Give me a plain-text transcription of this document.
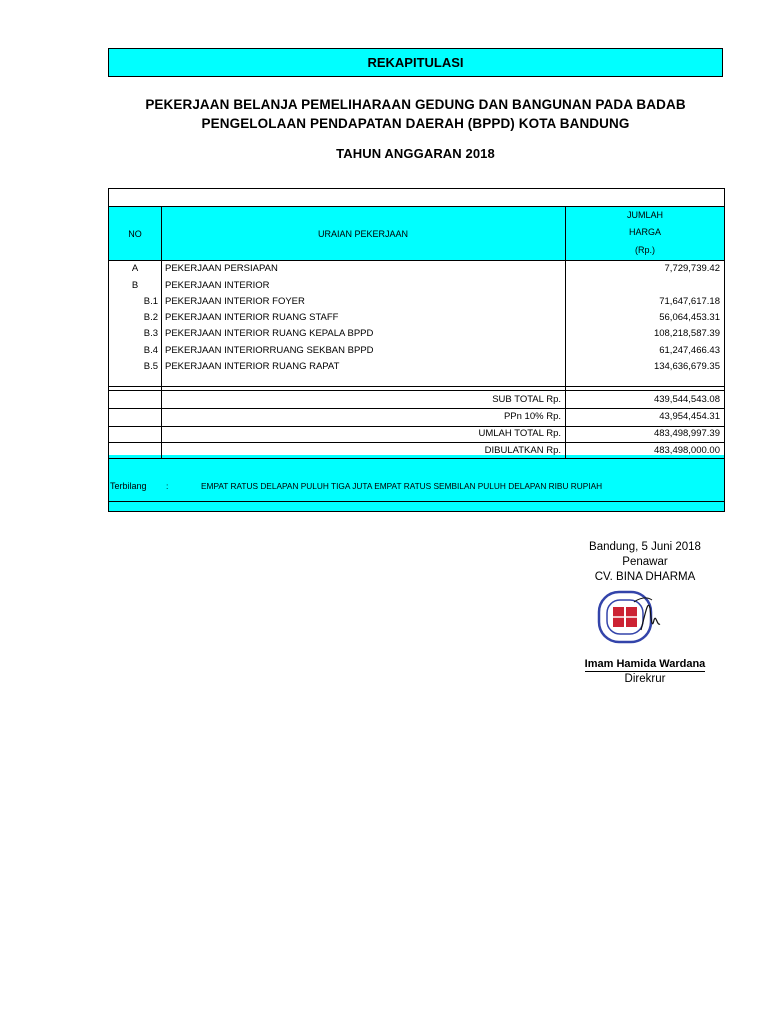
REKAPITULASI
PEKERJAAN BELANJA PEMELIHARAAN GEDUNG DAN BANGUNAN PADA BADAB
PENGELOLAAN PENDAPATAN DAERAH (BPPD) KOTA BANDUNG
TAHUN ANGGARAN 2018
NO	URAIAN PEKERJAAN
JUMLAH
HARGA
(Rp.)
A	PEKERJAAN PERSIAPAN	7,729,739.42
B	PEKERJAAN INTERIOR
B.1 PEKERJAAN INTERIOR FOYER	71,647,617.18
B.2 PEKERJAAN INTERIOR RUANG STAFF	56,064,453.31
B.3 PEKERJAAN INTERIOR RUANG KEPALA BPPD	108,218,587.39
B.4 PEKERJAAN INTERIORRUANG SEKBAN BPPD	61,247,466.43
B.5 PEKERJAAN INTERIOR RUANG RAPAT	134,636,679.35
SUB TOTAL Rp.	439,544,543.08
PPn 10% Rp.	43,954,454.31
UMLAH TOTAL Rp.	483,498,997.39
DIBULATKAN Rp.	483,498,000.00
Terbilang :	EMPAT RATUS DELAPAN PULUH TIGA JUTA EMPAT RATUS SEMBILAN PULUH DELAPAN RIBU RUPIAH
Bandung, 5 Juni 2018
Penawar
CV. BINA DHARMA
Imam Hamida Wardana
Direkrur
